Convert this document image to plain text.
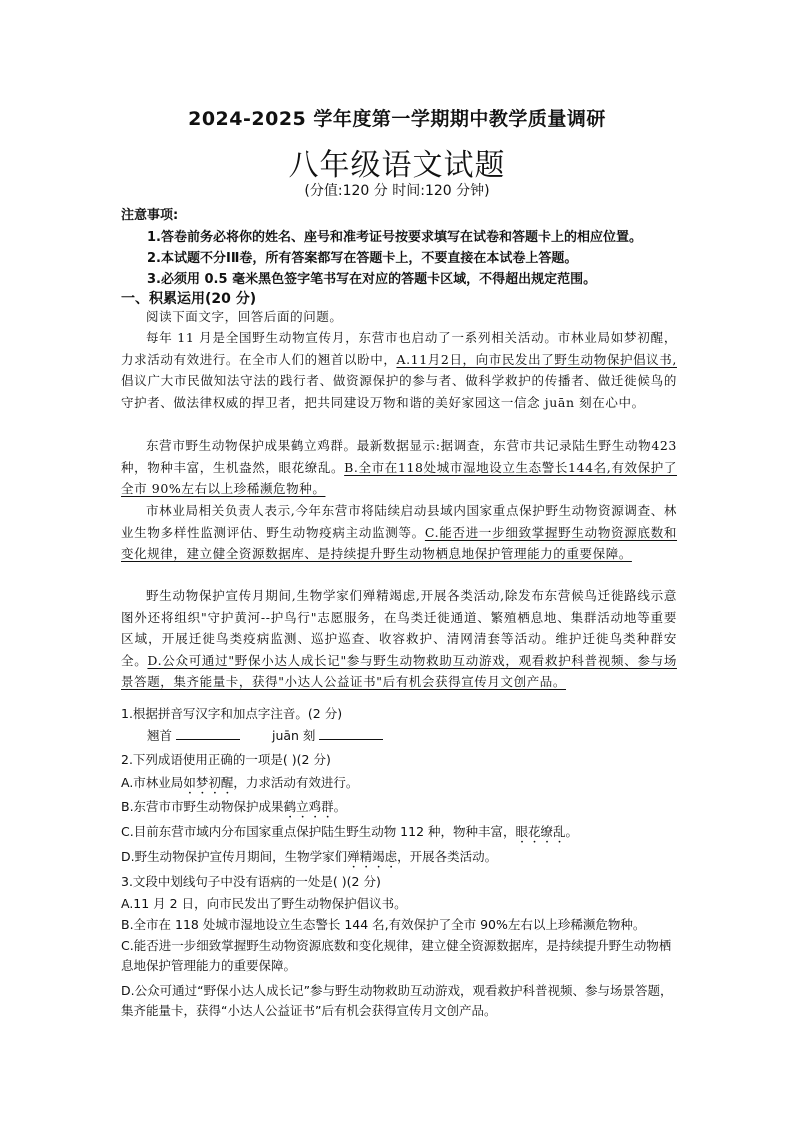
2024-2025 学年度第一学期期中教学质量调研
八年级语文试题
(分值:120 分 时间:120 分钟)
注意事项:
1.答卷前务必将你的姓名、座号和准考证号按要求填写在试卷和答题卡上的相应位置。
2.本试题不分ⅠⅡ卷，所有答案都写在答题卡上，不要直接在本试卷上答题。
3.必须用 0.5 毫米黑色签字笔书写在对应的答题卡区域，不得超出规定范围。
一、积累运用(20 分)
阅读下面文字，回答后面的问题。
每年 11 月是全国野生动物宣传月，东营市也启动了一系列相关活动。市林业局如梦初醒，力求活动有效进行。在全市人们的翘首以盼中，A.11月2日，向市民发出了野生动物保护倡议书,倡议广大市民做知法守法的践行者、做资源保护的参与者、做科学救护的传播者、做迁徙候鸟的守护者、做法律权威的捍卫者，把共同建设万物和谐的美好家园这一信念 juān 刻在心中。
东营市野生动物保护成果鹤立鸡群。最新数据显示:据调查，东营市共记录陆生野生动物423种，物种丰富，生机盎然，眼花缭乱。B.全市在118处城市湿地设立生态警长144名,有效保护了全市 90%左右以上珍稀濒危物种。
市林业局相关负责人表示,今年东营市将陆续启动县域内国家重点保护野生动物资源调查、林业生物多样性监测评估、野生动物疫病主动监测等。C.能否进一步细致掌握野生动物资源底数和变化规律，建立健全资源数据库、是持续提升野生动物栖息地保护管理能力的重要保障。
野生动物保护宣传月期间,生物学家们殚精竭虑,开展各类活动,除发布东营候鸟迁徙路线示意图外还将组织"守护黄河--护鸟行"志愿服务，在鸟类迁徙通道、繁殖栖息地、集群活动地等重要区域，开展迁徙鸟类疫病监测、巡护巡查、收容救护、清网清套等活动。维护迁徙鸟类种群安全。D.公众可通过"野保小达人成长记"参与野生动物救助互动游戏，观看救护科普视频、参与场景答题，集齐能量卡，获得"小达人公益证书"后有机会获得宣传月文创产品。
1.根据拼音写汉字和加点字注音。(2 分)
翘首	juān 刻
2.下列成语使用正确的一项是( )(2 分)
A.市林业局如梦初醒，力求活动有效进行。
B.东营市市野生动物保护成果鹤立鸡群。
C.目前东营市域内分布国家重点保护陆生野生动物 112 种，物种丰富，眼花缭乱。
D.野生动物保护宣传月期间，生物学家们殚精竭虑，开展各类活动。
3.文段中划线句子中没有语病的一处是( )(2 分)
A.11 月 2 日，向市民发出了野生动物保护倡议书。
B.全市在 118 处城市湿地设立生态警长 144 名,有效保护了全市 90%左右以上珍稀濒危物种。
C.能否进一步细致掌握野生动物资源底数和变化规律，建立健全资源数据库，是持续提升野生动物栖息地保护管理能力的重要保障。
D.公众可通过“野保小达人成长记”参与野生动物救助互动游戏，观看救护科普视频、参与场景答题，集齐能量卡，获得“小达人公益证书”后有机会获得宣传月文创产品。
